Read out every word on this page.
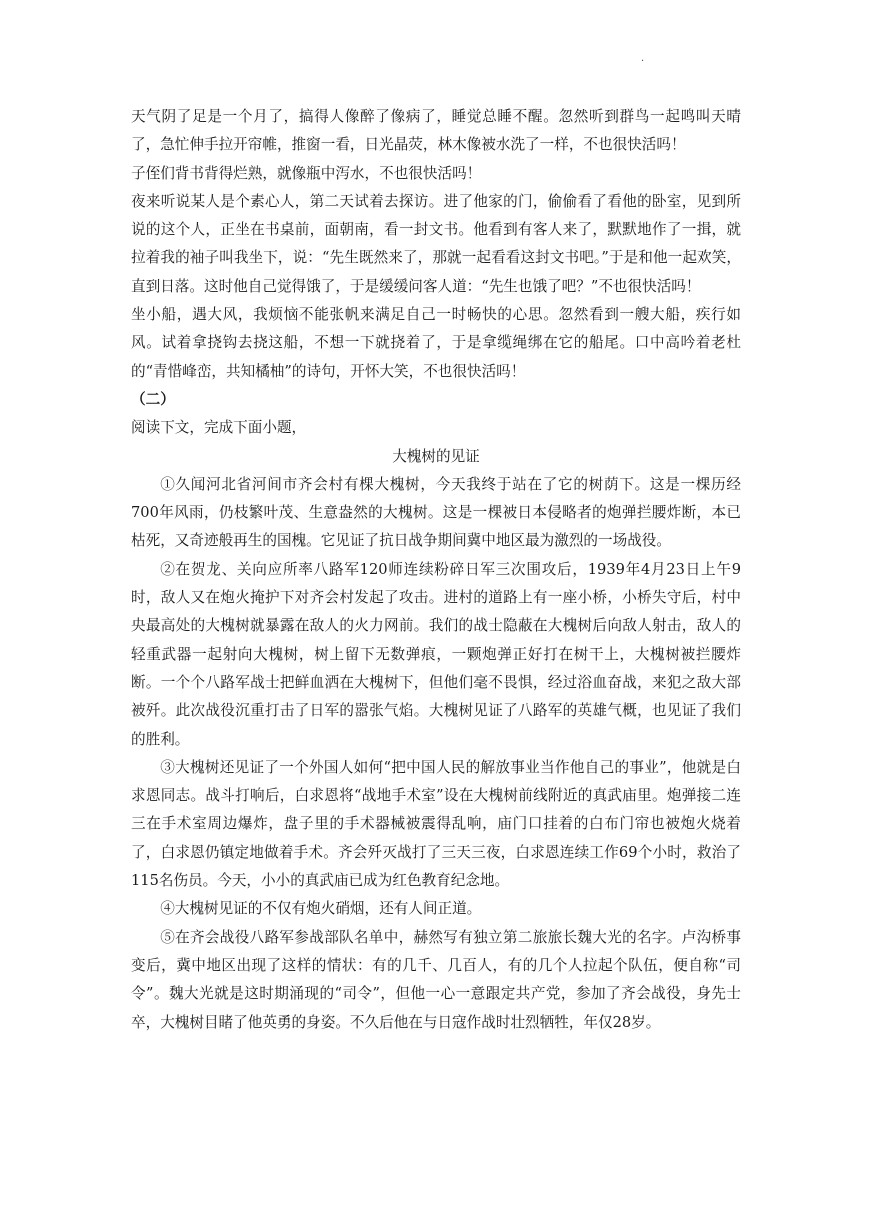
.

天气阴了足是一个月了，搞得人像醉了像病了，睡觉总睡不醒。忽然听到群鸟一起鸣叫天晴了，急忙伸手拉开帘帷，推窗一看，日光晶荧，林木像被水洗了一样，不也很快活吗！

子侄们背书背得烂熟，就像瓶中泻水，不也很快活吗！

夜来听说某人是个素心人，第二天试着去探访。进了他家的门，偷偷看了看他的卧室，见到所说的这个人，正坐在书桌前，面朝南，看一封文书。他看到有客人来了，默默地作了一揖，就拉着我的袖子叫我坐下，说：“先生既然来了，那就一起看看这封文书吧。”于是和他一起欢笑，直到日落。这时他自己觉得饿了，于是缓缓问客人道：“先生也饿了吧？”不也很快活吗！

坐小船，遇大风，我烦恼不能张帆来满足自己一时畅快的心思。忽然看到一艘大船，疾行如风。试着拿挠钩去挠这船，不想一下就挠着了，于是拿缆绳绑在它的船尾。口中高吟着老杜的“青惜峰峦，共知橘柚”的诗句，开怀大笑，不也很快活吗！

（二）

阅读下文，完成下面小题，

大槐树的见证

①久闻河北省河间市齐会村有棵大槐树，今天我终于站在了它的树荫下。这是一棵历经700年风雨，仍枝繁叶茂、生意盎然的大槐树。这是一棵被日本侵略者的炮弹拦腰炸断，本已枯死，又奇迹般再生的国槐。它见证了抗日战争期间冀中地区最为激烈的一场战役。

②在贺龙、关向应所率八路军120师连续粉碎日军三次围攻后，1939年4月23日上午9时，敌人又在炮火掩护下对齐会村发起了攻击。进村的道路上有一座小桥，小桥失守后，村中央最高处的大槐树就暴露在敌人的火力网前。我们的战士隐蔽在大槐树后向敌人射击，敌人的轻重武器一起射向大槐树，树上留下无数弹痕，一颗炮弹正好打在树干上，大槐树被拦腰炸断。一个个八路军战士把鲜血洒在大槐树下，但他们毫不畏惧，经过浴血奋战，来犯之敌大部被歼。此次战役沉重打击了日军的嚣张气焰。大槐树见证了八路军的英雄气概，也见证了我们的胜利。

③大槐树还见证了一个外国人如何“把中国人民的解放事业当作他自己的事业”，他就是白求恩同志。战斗打响后，白求恩将“战地手术室”设在大槐树前线附近的真武庙里。炮弹接二连三在手术室周边爆炸，盘子里的手术器械被震得乱响，庙门口挂着的白布门帘也被炮火烧着了，白求恩仍镇定地做着手术。齐会歼灭战打了三天三夜，白求恩连续工作69个小时，救治了115名伤员。今天，小小的真武庙已成为红色教育纪念地。

④大槐树见证的不仅有炮火硝烟，还有人间正道。

⑤在齐会战役八路军参战部队名单中，赫然写有独立第二旅旅长魏大光的名字。卢沟桥事变后，冀中地区出现了这样的情状：有的几千、几百人，有的几个人拉起个队伍，便自称“司令”。魏大光就是这时期涌现的“司令”，但他一心一意跟定共产党，参加了齐会战役，身先士卒，大槐树目睹了他英勇的身姿。不久后他在与日寇作战时壮烈牺牲，年仅28岁。
